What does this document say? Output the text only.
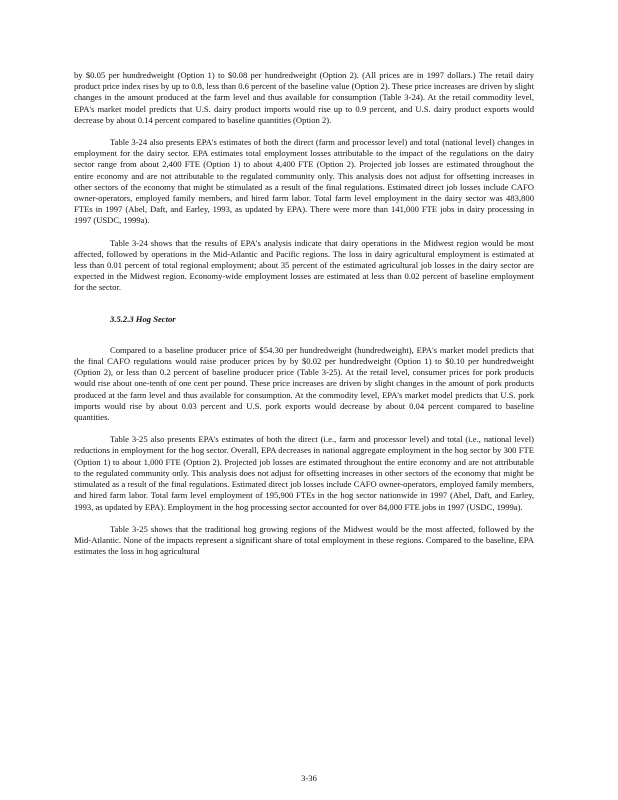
by $0.05 per hundredweight (Option 1) to $0.08 per hundredweight (Option 2). (All prices are in 1997 dollars.) The retail dairy product price index rises by up to 0.8, less than 0.6 percent of the baseline value (Option 2). These price increases are driven by slight changes in the amount produced at the farm level and thus available for consumption (Table 3-24). At the retail commodity level, EPA's market model predicts that U.S. dairy product imports would rise up to 0.9 percent, and U.S. dairy product exports would decrease by about 0.14 percent compared to baseline quantities (Option 2).

Table 3-24 also presents EPA's estimates of both the direct (farm and processor level) and total (national level) changes in employment for the dairy sector. EPA estimates total employment losses attributable to the impact of the regulations on the dairy sector range from about 2,400 FTE (Option 1) to about 4,400 FTE (Option 2). Projected job losses are estimated throughout the entire economy and are not attributable to the regulated community only. This analysis does not adjust for offsetting increases in other sectors of the economy that might be stimulated as a result of the final regulations. Estimated direct job losses include CAFO owner-operators, employed family members, and hired farm labor. Total farm level employment in the dairy sector was 483,800 FTEs in 1997 (Abel, Daft, and Earley, 1993, as updated by EPA). There were more than 141,000 FTE jobs in dairy processing in 1997 (USDC, 1999a).

Table 3-24 shows that the results of EPA's analysis indicate that dairy operations in the Midwest region would be most affected, followed by operations in the Mid-Atlantic and Pacific regions. The loss in dairy agricultural employment is estimated at less than 0.01 percent of total regional employment; about 35 percent of the estimated agricultural job losses in the dairy sector are expected in the Midwest region. Economy-wide employment losses are estimated at less than 0.02 percent of baseline employment for the sector.

3.5.2.3 Hog Sector

Compared to a baseline producer price of $54.30 per hundredweight (hundredweight), EPA's market model predicts that the final CAFO regulations would raise producer prices by by $0.02 per hundredweight (Option 1) to $0.10 per hundredweight (Option 2), or less than 0.2 percent of baseline producer price (Table 3-25). At the retail level, consumer prices for pork products would rise about one-tenth of one cent per pound. These price increases are driven by slight changes in the amount of pork products produced at the farm level and thus available for consumption. At the commodity level, EPA's market model predicts that U.S. pork imports would rise by about 0.03 percent and U.S. pork exports would decrease by about 0.04 percent compared to baseline quantities.

Table 3-25 also presents EPA's estimates of both the direct (i.e., farm and processor level) and total (i.e., national level) reductions in employment for the hog sector. Overall, EPA decreases in national aggregate employment in the hog sector by 300 FTE (Option 1) to about 1,000 FTE (Option 2). Projected job losses are estimated throughout the entire economy and are not attributable to the regulated community only. This analysis does not adjust for offsetting increases in other sectors of the economy that might be stimulated as a result of the final regulations. Estimated direct job losses include CAFO owner-operators, employed family members, and hired farm labor. Total farm level employment of 195,900 FTEs in the hog sector nationwide in 1997 (Abel, Daft, and Earley, 1993, as updated by EPA). Employment in the hog processing sector accounted for over 84,000 FTE jobs in 1997 (USDC, 1999a).

Table 3-25 shows that the traditional hog growing regions of the Midwest would be the most affected, followed by the Mid-Atlantic. None of the impacts represent a significant share of total employment in these regions. Compared to the baseline, EPA estimates the loss in hog agricultural

3-36
